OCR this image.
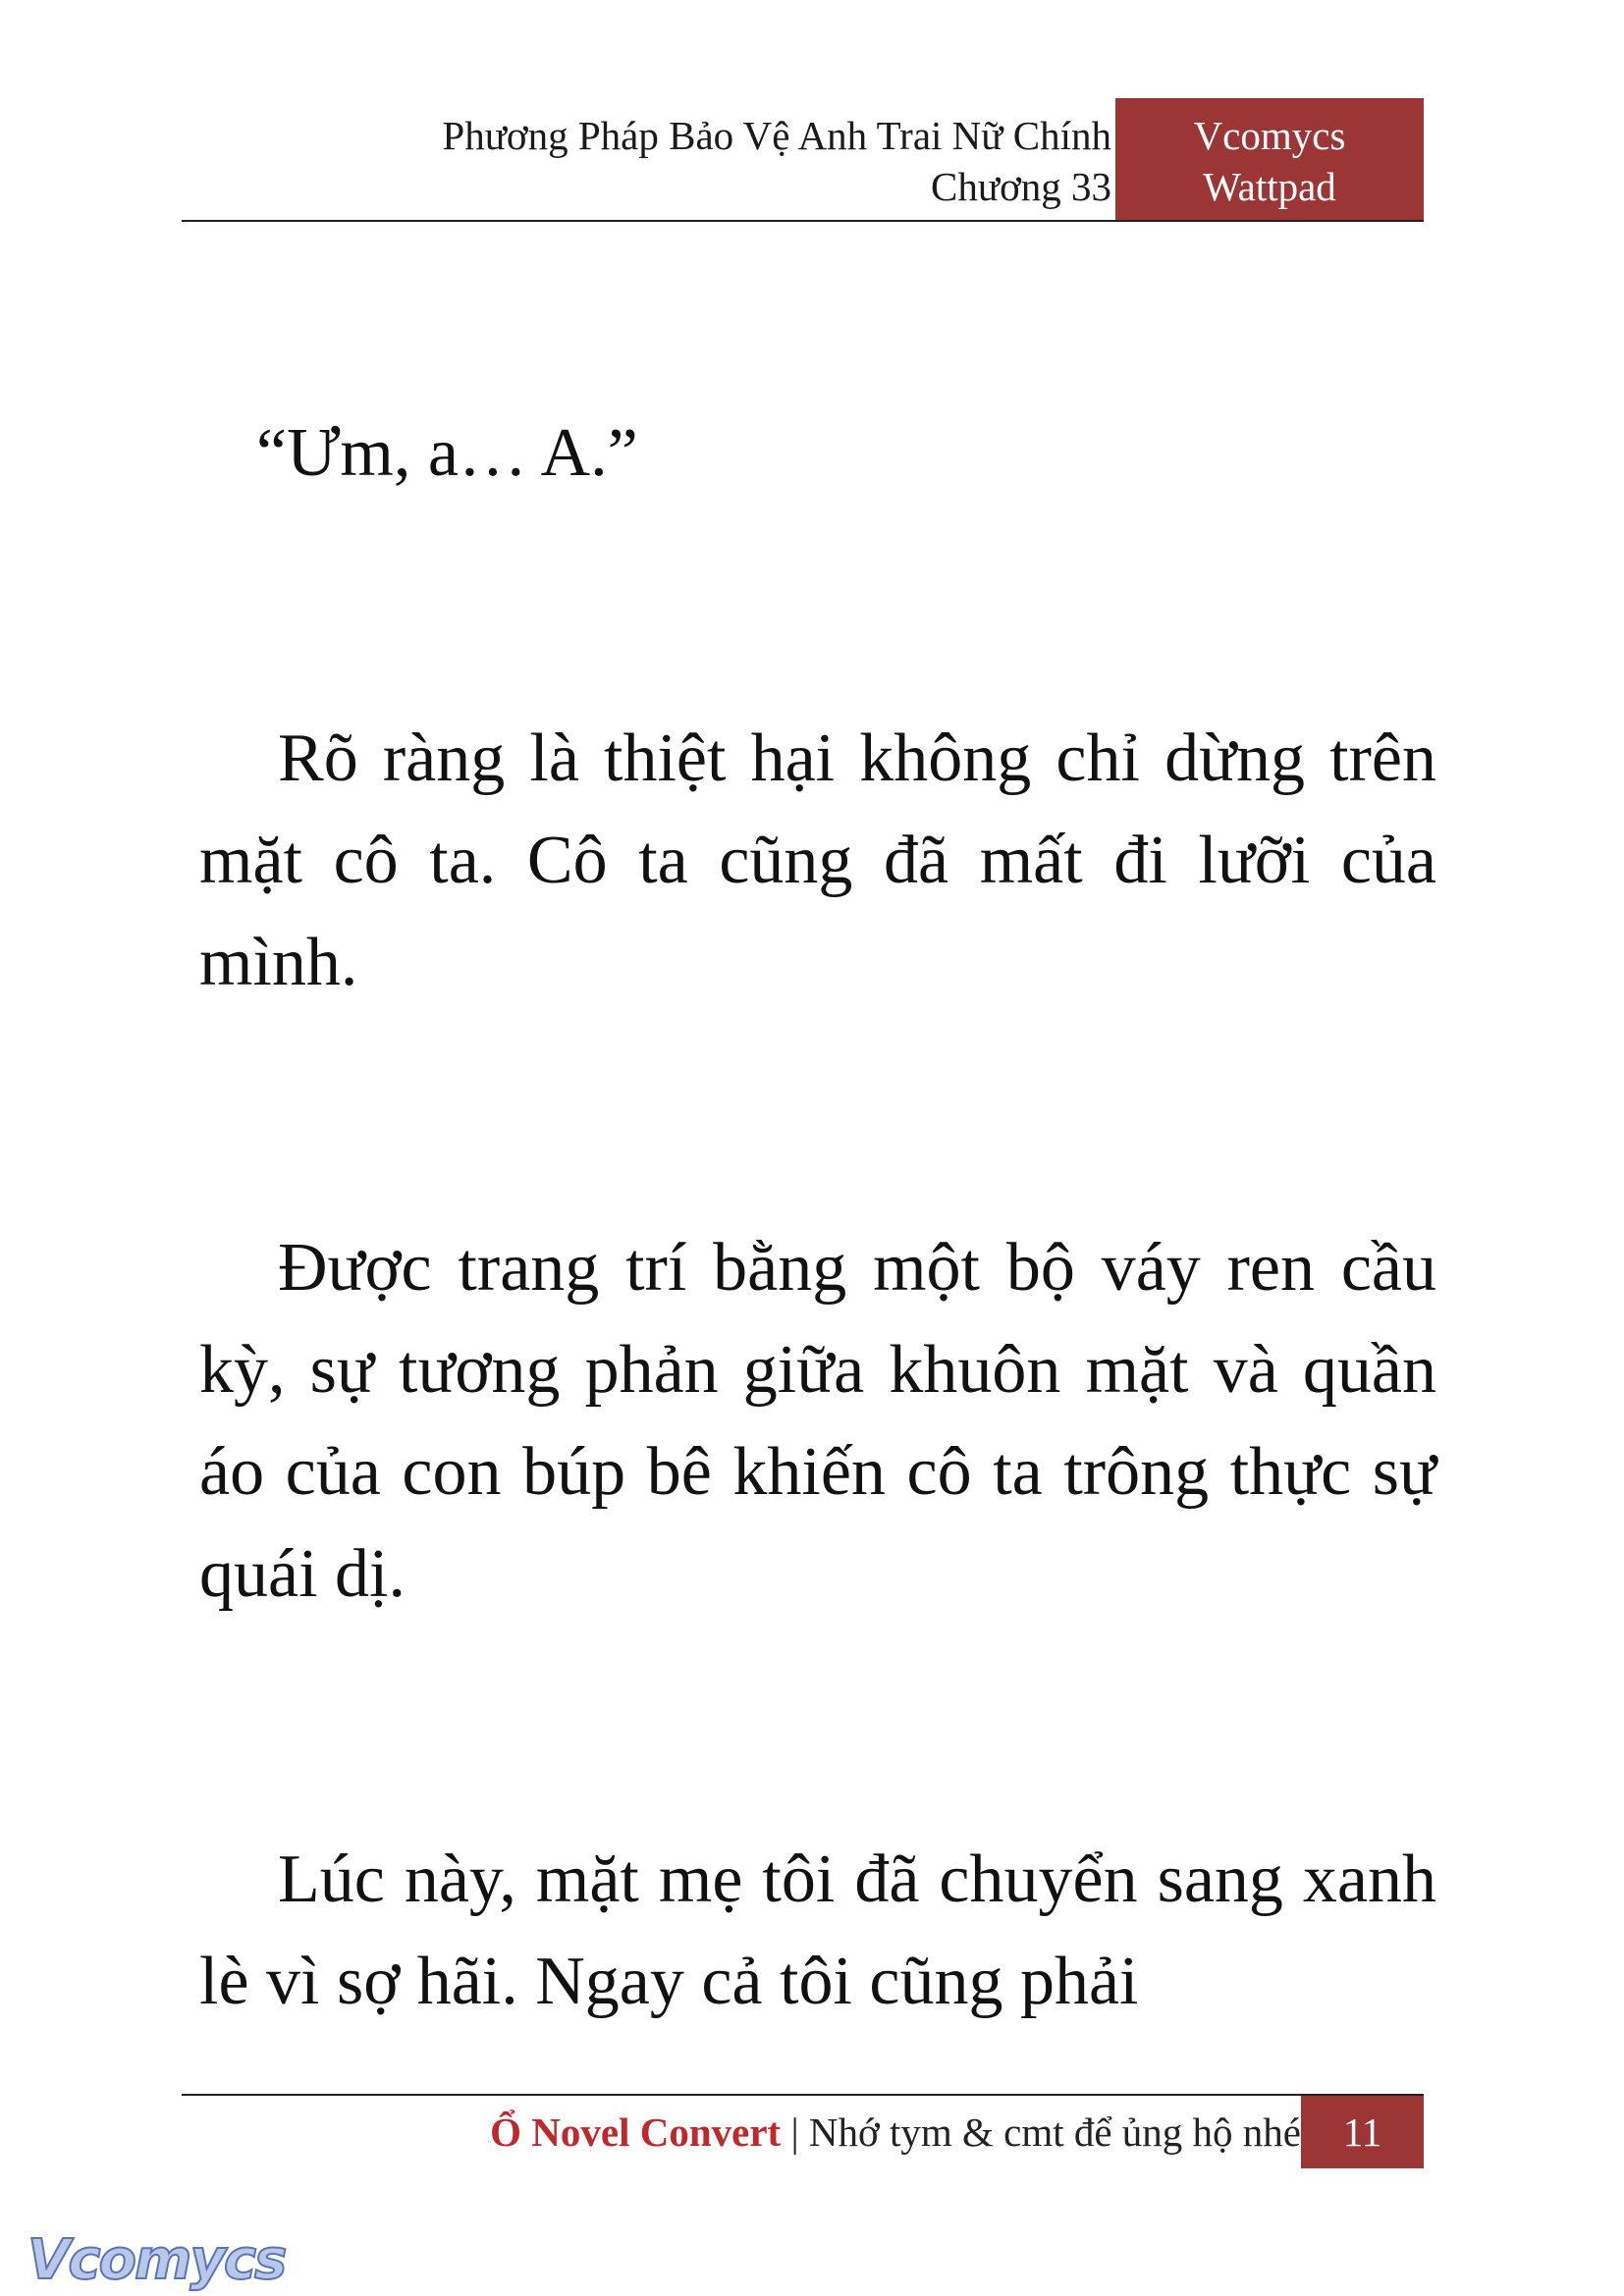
Phương Pháp Bảo Vệ Anh Trai Nữ Chính
Chương 33
Vcomycs
Wattpad

“Ưm, a… A.”

Rõ ràng là thiệt hại không chỉ dừng trên mặt cô ta. Cô ta cũng đã mất đi lưỡi của mình.

Được trang trí bằng một bộ váy ren cầu kỳ, sự tương phản giữa khuôn mặt và quần áo của con búp bê khiến cô ta trông thực sự quái dị.

Lúc này, mặt mẹ tôi đã chuyển sang xanh lè vì sợ hãi. Ngay cả tôi cũng phải

Ổ Novel Convert | Nhớ tym & cmt để ủng hộ nhé	11
Vcomycs
